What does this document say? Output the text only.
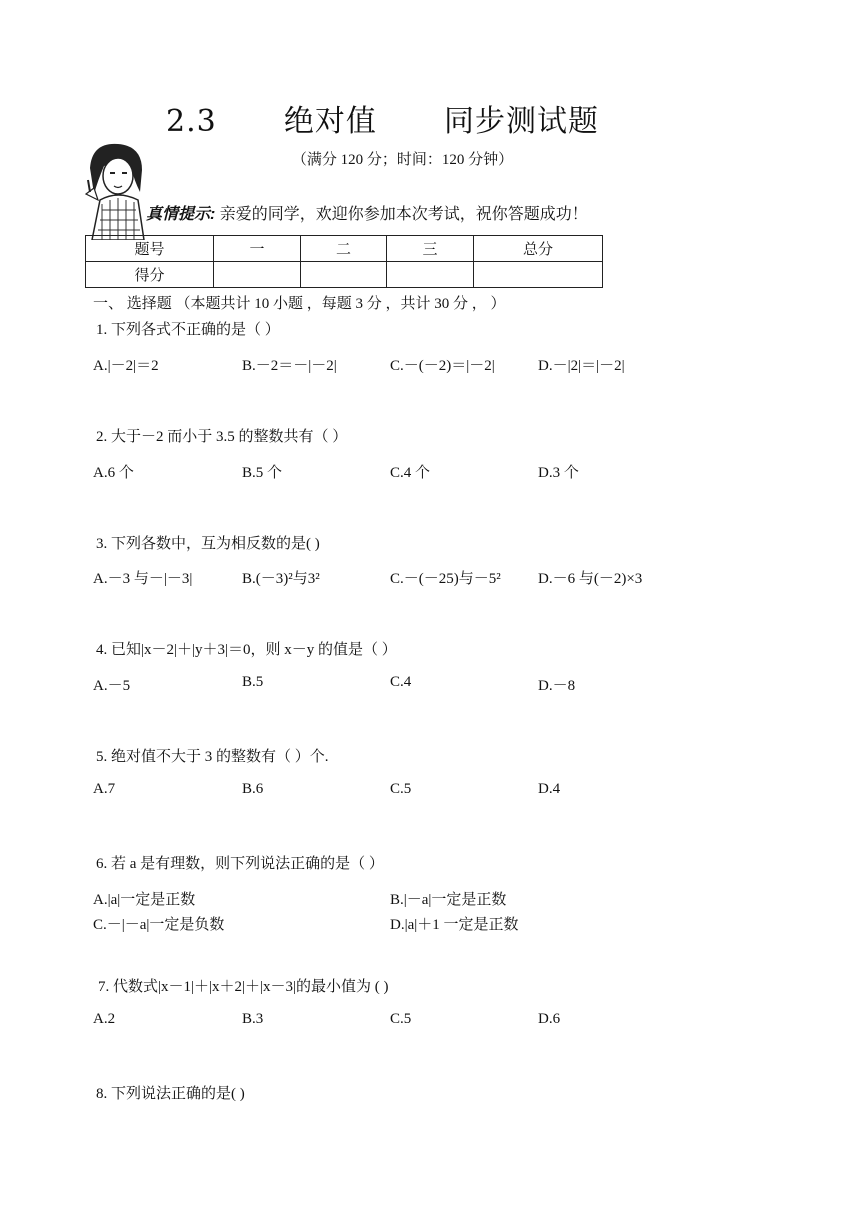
2.3 绝对值 同步测试题
（满分 120 分；时间：120 分钟）
真情提示: 亲爱的同学，欢迎你参加本次考试，祝你答题成功！
题号	一	二	三	总分
得分				
一、 选择题 （本题共计 10 小题 ，每题 3 分 ，共计 30 分 ， ）
1. 下列各式不正确的是（ ）
A.|－2|＝2	B.－2＝－|－2|	C.－(－2)＝|－2|	D.－|2|＝|－2|
2. 大于－2 而小于 3.5 的整数共有（ ）
A.6 个	B.5 个	C.4 个	D.3 个
3. 下列各数中，互为相反数的是( )
A.－3 与－|－3|	B.(－3)²与3²	C.－(－25)与－5² D.－6 与(－2)×3
4. 已知|x－2|＋|y＋3|＝0，则 x－y 的值是（ ）
A.－5	B.5	C.4	D.－8
5. 绝对值不大于 3 的整数有（ ）个.
A.7	B.6	C.5	D.4
6. 若 a 是有理数，则下列说法正确的是（ ）
A.|a|一定是正数	B.|－a|一定是正数
C.－|－a|一定是负数	D.|a|＋1 一定是正数
7. 代数式|x－1|＋|x＋2|＋|x－3|的最小值为 ( )
A.2	B.3	C.5	D.6
8. 下列说法正确的是( )
